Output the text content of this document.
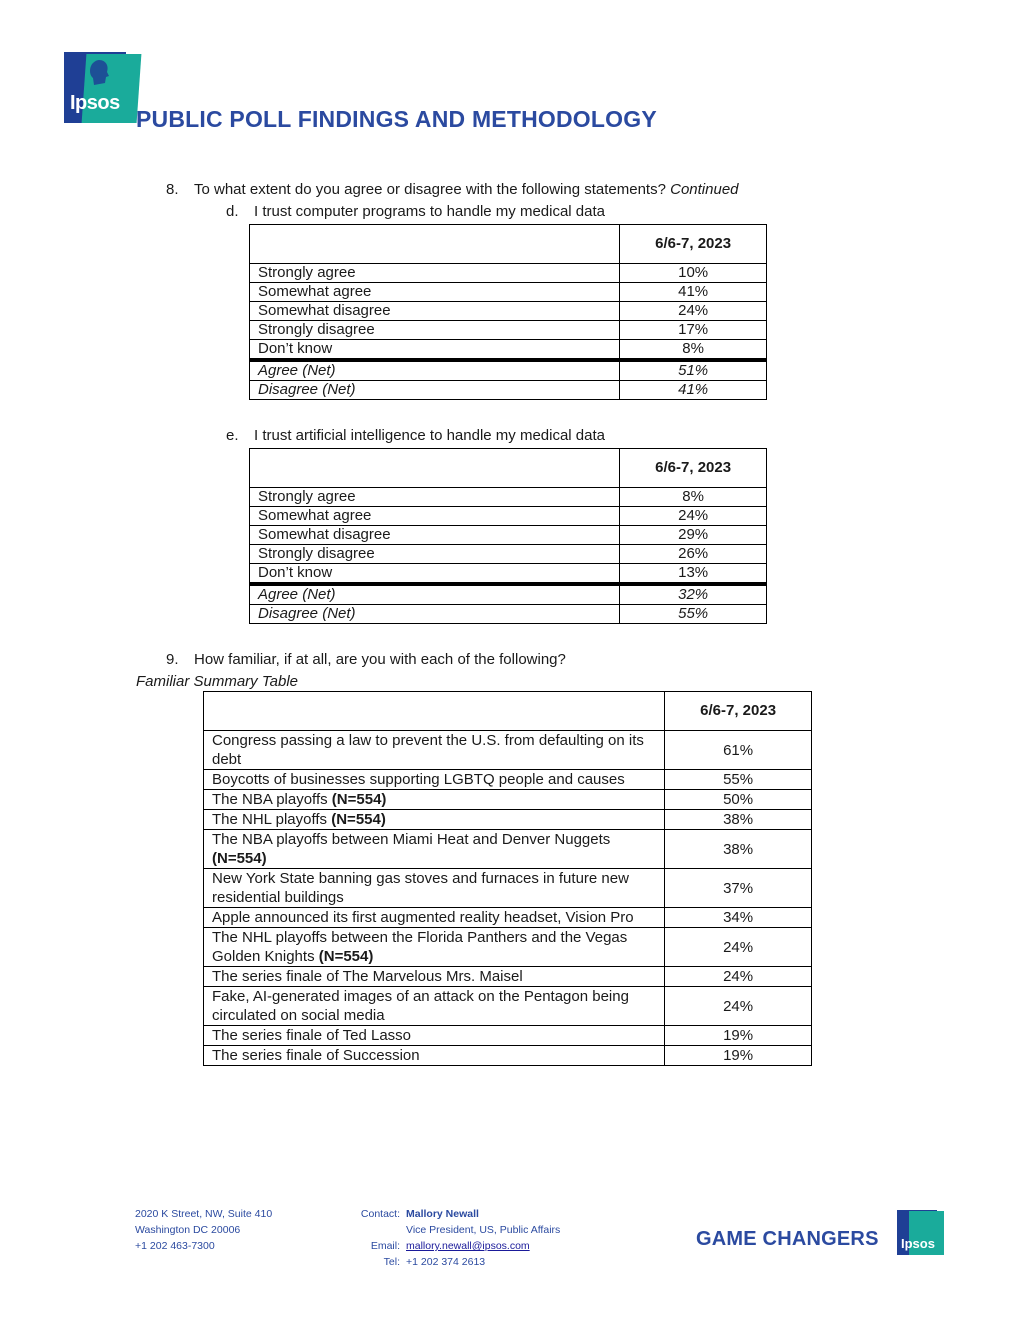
Ipsos
PUBLIC POLL FINDINGS AND METHODOLOGY
8. To what extent do you agree or disagree with the following statements? Continued
d. I trust computer programs to handle my medical data
	6/6-7, 2023
Strongly agree	10%
Somewhat agree	41%
Somewhat disagree	24%
Strongly disagree	17%
Don’t know	8%
Agree (Net)	51%
Disagree (Net)	41%
e. I trust artificial intelligence to handle my medical data
	6/6-7, 2023
Strongly agree	8%
Somewhat agree	24%
Somewhat disagree	29%
Strongly disagree	26%
Don’t know	13%
Agree (Net)	32%
Disagree (Net)	55%
9. How familiar, if at all, are you with each of the following?
Familiar Summary Table
	6/6-7, 2023
Congress passing a law to prevent the U.S. from defaulting on its debt	61%
Boycotts of businesses supporting LGBTQ people and causes	55%
The NBA playoffs (N=554)	50%
The NHL playoffs (N=554)	38%
The NBA playoffs between Miami Heat and Denver Nuggets (N=554)	38%
New York State banning gas stoves and furnaces in future new residential buildings	37%
Apple announced its first augmented reality headset, Vision Pro	34%
The NHL playoffs between the Florida Panthers and the Vegas Golden Knights (N=554)	24%
The series finale of The Marvelous Mrs. Maisel	24%
Fake, AI-generated images of an attack on the Pentagon being circulated on social media	24%
The series finale of Ted Lasso	19%
The series finale of Succession	19%
2020 K Street, NW, Suite 410
Washington DC 20006
+1 202 463-7300
Contact: Mallory Newall
Vice President, US, Public Affairs
Email: mallory.newall@ipsos.com
Tel: +1 202 374 2613
GAME CHANGERS Ipsos
